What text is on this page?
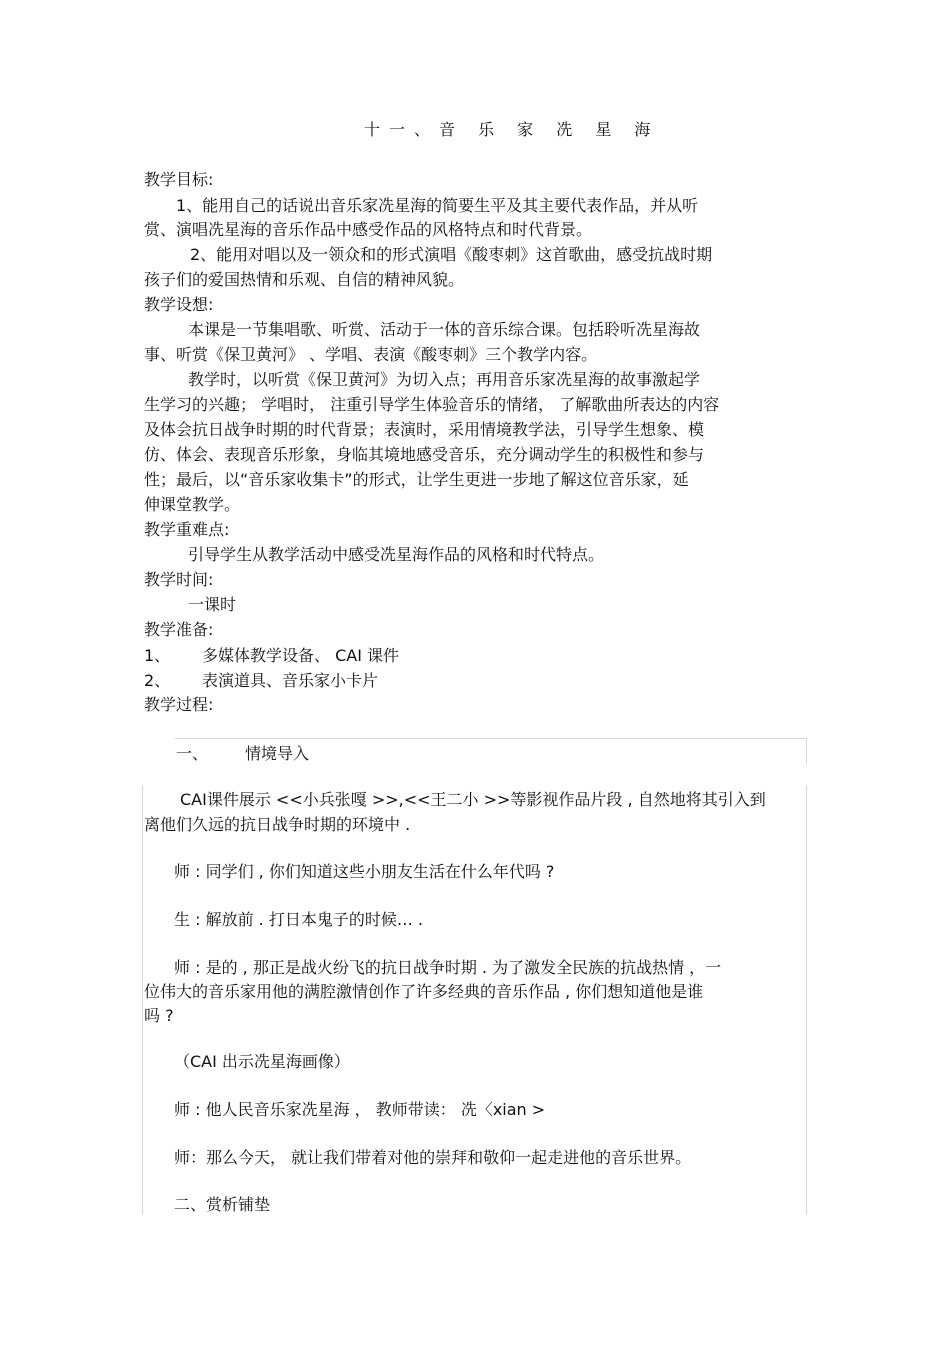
十一、音 乐 家 冼 星 海
教学目标:
1、能用自己的话说出音乐家冼星海的简要生平及其主要代表作品，并从听
赏、演唱冼星海的音乐作品中感受作品的风格特点和时代背景。
2、能用对唱以及一领众和的形式演唱《酸枣刺》这首歌曲，感受抗战时期
孩子们的爱国热情和乐观、自信的精神风貌。
教学设想:
本课是一节集唱歌、听赏、活动于一体的音乐综合课。包括聆听冼星海故
事、听赏《保卫黄河》 、学唱、表演《酸枣刺》三个教学内容。
教学时，以听赏《保卫黄河》为切入点；再用音乐家冼星海的故事激起学
生学习的兴趣； 学唱时， 注重引导学生体验音乐的情绪， 了解歌曲所表达的内容
及体会抗日战争时期的时代背景；表演时，采用情境教学法，引导学生想象、模
仿、体会、表现音乐形象，身临其境地感受音乐，充分调动学生的积极性和参与
性；最后，以“音乐家收集卡”的形式，让学生更进一步地了解这位音乐家，延
伸课堂教学。
教学重难点:
引导学生从教学活动中感受冼星海作品的风格和时代特点。
教学时间:
一课时
教学准备:
1、 多媒体教学设备、 CAI 课件
2、 表演道具、音乐家小卡片
教学过程:
一、 情境导入
CAI课件展示 <<小兵张嘎 >>,<<王二小 >>等影视作品片段 , 自然地将其引入到
离他们久远的抗日战争时期的环境中 .
师 : 同学们 , 你们知道这些小朋友生活在什么年代吗 ?
生 : 解放前 . 打日本鬼子的时候… .
师 : 是的 , 那正是战火纷飞的抗日战争时期 . 为了激发全民族的抗战热情 ，一
位伟大的音乐家用他的满腔激情创作了许多经典的音乐作品 , 你们想知道他是谁
吗 ?
（CAI 出示冼星海画像）
师 : 他人民音乐家冼星海 ， 教师带读： 冼〈xian >
师：那么今天， 就让我们带着对他的崇拜和敬仰一起走进他的音乐世界。
二、赏析铺垫
